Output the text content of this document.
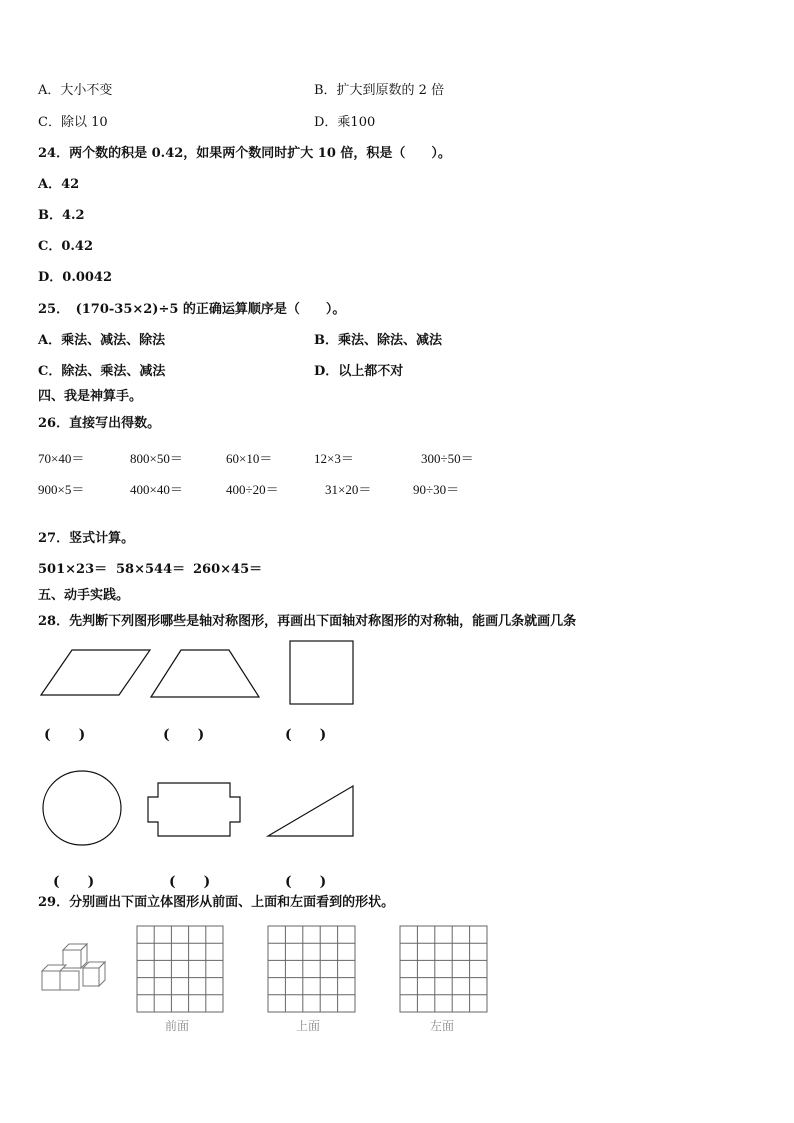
A．大小不变	B．扩大到原数的 2 倍
C．除以 10	D．乘100
24．两个数的积是 0.42，如果两个数同时扩大 10 倍，积是（　　）。
A．42
B．4.2
C．0.42
D．0.0042
25．　(170-35×2)÷5 的正确运算顺序是（　　）。
A．乘法、减法、除法	B．乘法、除法、减法
C．除法、乘法、减法	D．以上都不对
四、我是神算手。
26．直接写出得数。
70×40＝	800×50＝	60×10＝	12×3＝	300÷50＝
900×5＝	400×40＝	400÷20＝	31×20＝	90÷30＝
27．竖式计算。
501×23＝ 58×544＝ 260×45＝
五、动手实践。
28．先判断下列图形哪些是轴对称图形，再画出下面轴对称图形的对称轴，能画几条就画几条
前面	上面	左面
(　　)	(　　)	(　　)
(　　)	(　　)	(　　)
29．分别画出下面立体图形从前面、上面和左面看到的形状。
